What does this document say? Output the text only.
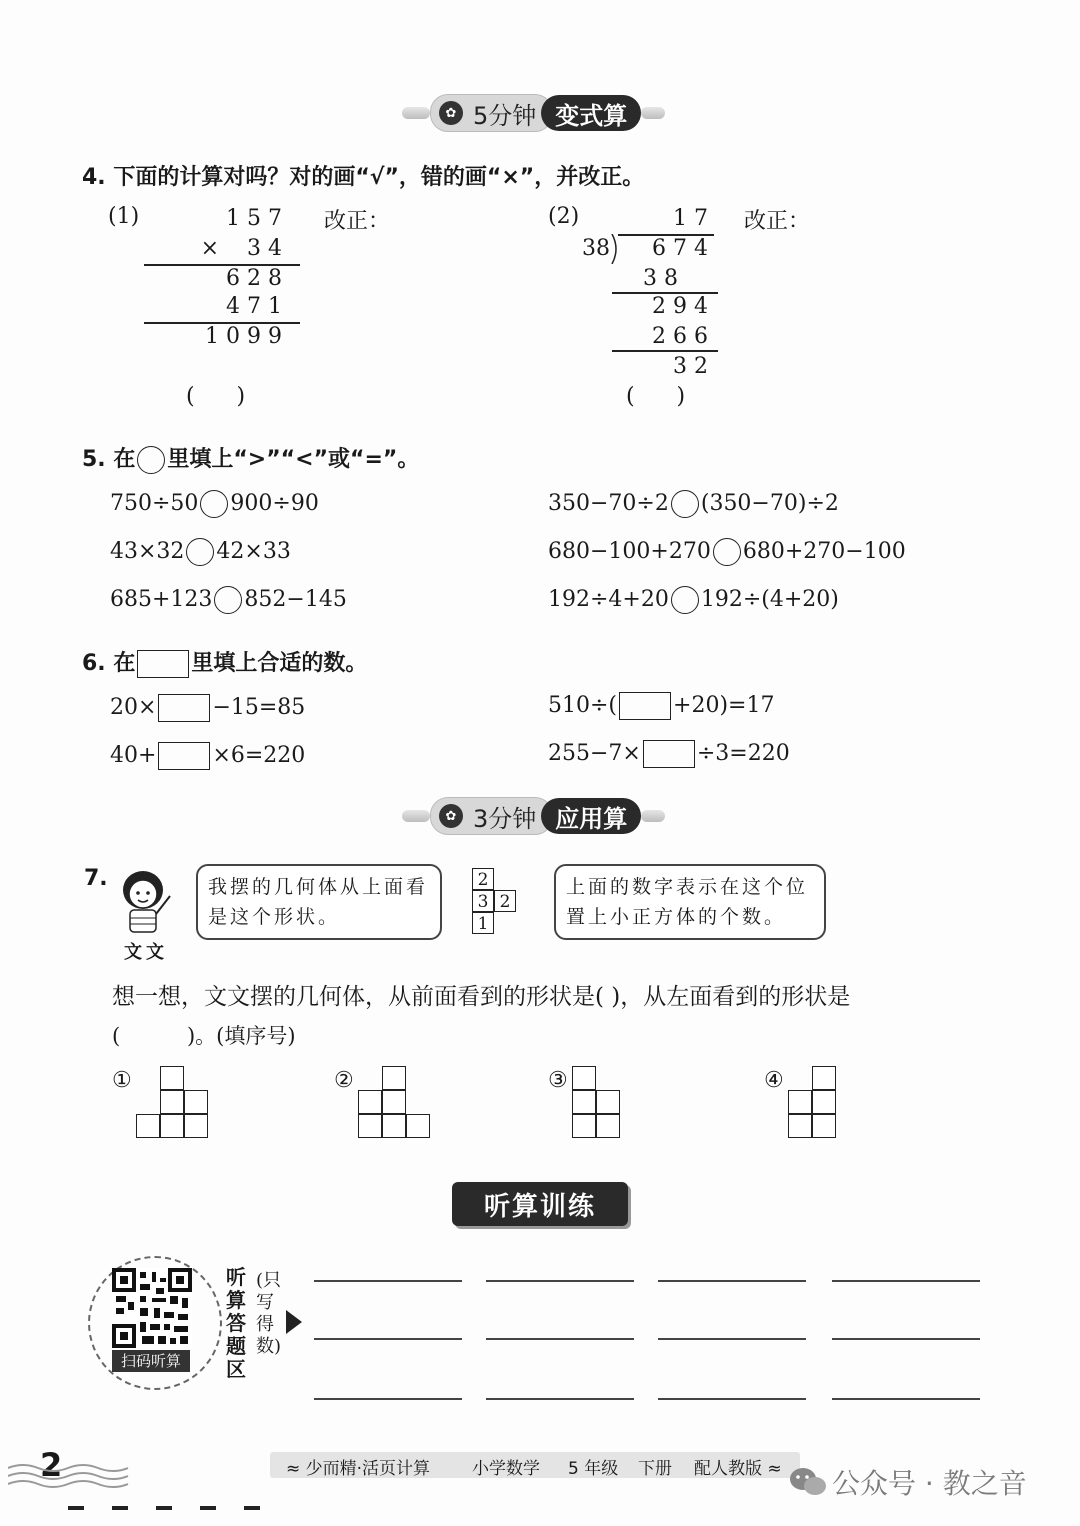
✿ 5分钟 变式算
4. 下面的计算对吗？对的画“√”，错的画“×”，并改正。
(1)	1 5 7
×    3 4
6 2 8
4 7 1
1 0 9 9
改正：
(      )
(2)	1 7
38	6 7 4
3 8
2 9 4
2 6 6
3 2
改正：
(      )
5. 在 里填上“>”“<”或“=”。
750÷50 900÷90	350−70÷2 (350−70)÷2
43×32 42×33	680−100+270 680+270−100
685+123 852−145	192÷4+20 192÷(4+20)
6. 在	里填上合适的数。
20×	−15=85	510÷(	+20)=17
40+	×6=220	255−7×	÷3=220
✿ 3分钟 应用算
7.
文文
我摆的几何体从上面看是这个形状。
2
3 2
1
上面的数字表示在这个位置上小正方体的个数。
想一想，文文摆的几何体，从前面看到的形状是( )，从左面看到的形状是
(          )。(填序号)
①	②	③	④
听算训练
扫码听算
听算答题区
(只写得数)
2	≈ 少而精·活页计算 小学数学 5 年级 下册 配人教版 ≈ 公众号 · 教之音
